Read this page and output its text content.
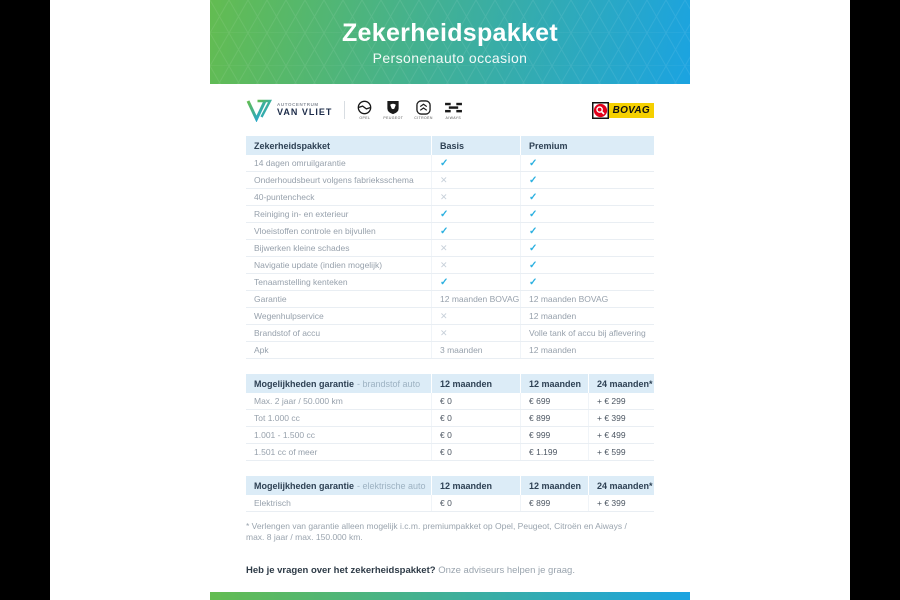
Zekerheidspakket
Personenauto occasion
AUTOCENTRUM
VAN VLIET
OPEL	PEUGEOT	CITROËN	AIWAYS
BOVAG
Zekerheidspakket	Basis	Premium
14 dagen omruilgarantie	✓	✓
Onderhoudsbeurt volgens fabrieksschema	✕	✓
40-puntencheck	✕	✓
Reiniging in- en exterieur	✓	✓
Vloeistoffen controle en bijvullen	✓	✓
Bijwerken kleine schades	✕	✓
Navigatie update (indien mogelijk)	✕	✓
Tenaamstelling kenteken	✓	✓
Garantie	12 maanden BOVAG	12 maanden BOVAG
Wegenhulpservice	✕	12 maanden
Brandstof of accu	✕	Volle tank of accu bij aflevering
Apk	3 maanden	12 maanden
Mogelijkheden garantie - brandstof auto	12 maanden	12 maanden	24 maanden*
Max. 2 jaar / 50.000 km	€ 0	€ 699	+ € 299
Tot 1.000 cc	€ 0	€ 899	+ € 399
1.001 - 1.500 cc	€ 0	€ 999	+ € 499
1.501 cc of meer	€ 0	€ 1.199	+ € 599
Mogelijkheden garantie - elektrische auto	12 maanden	12 maanden	24 maanden*
Elektrisch	€ 0	€ 899	+ € 399
* Verlengen van garantie alleen mogelijk i.c.m. premiumpakket op Opel, Peugeot, Citroën en Aiways / max. 8 jaar / max. 150.000 km.
Heb je vragen over het zekerheidspakket? Onze adviseurs helpen je graag.
